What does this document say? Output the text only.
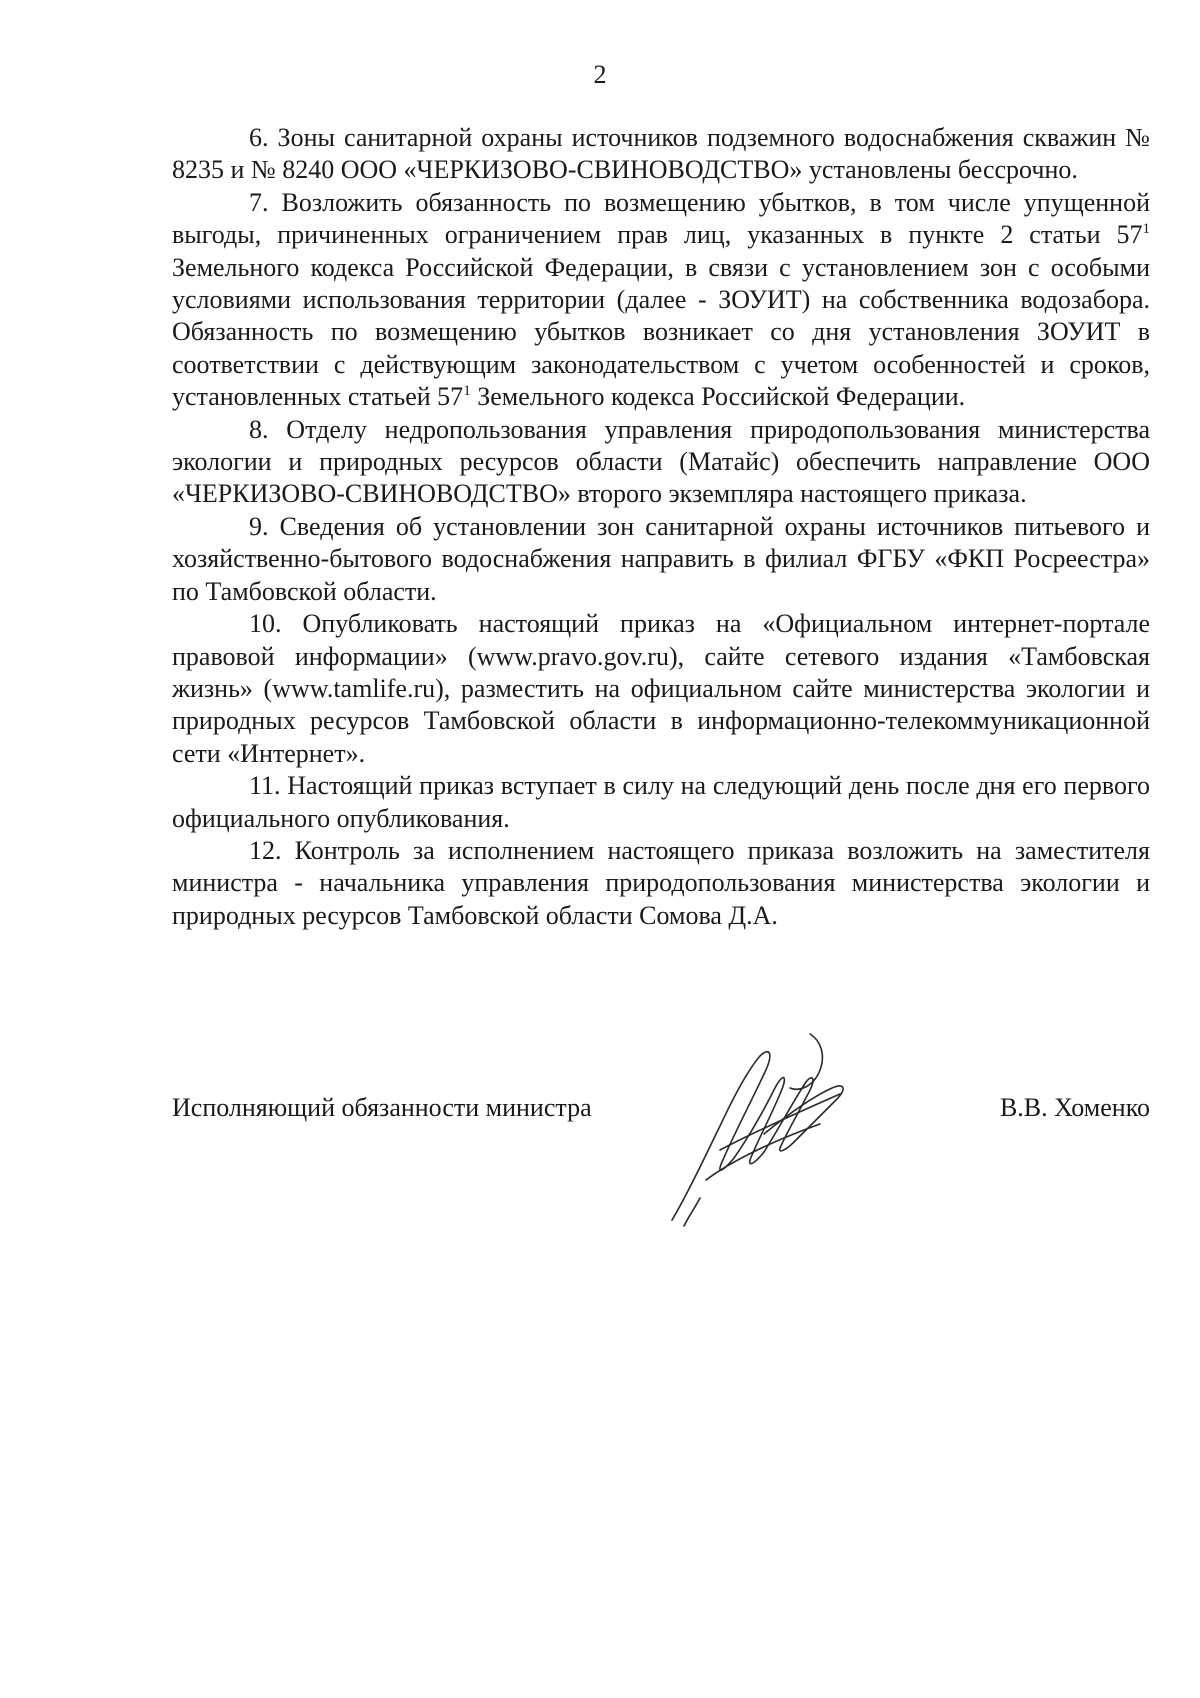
2

6. Зоны санитарной охраны источников подземного водоснабжения скважин № 8235 и № 8240 ООО «ЧЕРКИЗОВО-СВИНОВОДСТВО» установлены бессрочно.

7. Возложить обязанность по возмещению убытков, в том числе упущенной выгоды, причиненных ограничением прав лиц, указанных в пункте 2 статьи $57^1$ Земельного кодекса Российской Федерации, в связи с установлением зон с особыми условиями использования территории (далее - ЗОУИТ) на собственника водозабора. Обязанность по возмещению убытков возникает со дня установления ЗОУИТ в соответствии с действующим законодательством с учетом особенностей и сроков, установленных статьей $57^1$ Земельного кодекса Российской Федерации.

8. Отделу недропользования управления природопользования министерства экологии и природных ресурсов области (Матайс) обеспечить направление ООО «ЧЕРКИЗОВО-СВИНОВОДСТВО» второго экземпляра настоящего приказа.

9. Сведения об установлении зон санитарной охраны источников питьевого и хозяйственно-бытового водоснабжения направить в филиал ФГБУ «ФКП Росреестра» по Тамбовской области.

10. Опубликовать настоящий приказ на «Официальном интернет-портале правовой информации» (www.pravo.gov.ru), сайте сетевого издания «Тамбовская жизнь» (www.tamlife.ru), разместить на официальном сайте министерства экологии и природных ресурсов Тамбовской области в информационно-телекоммуникационной сети «Интернет».

11. Настоящий приказ вступает в силу на следующий день после дня его первого официального опубликования.

12. Контроль за исполнением настоящего приказа возложить на заместителя министра - начальника управления природопользования министерства экологии и природных ресурсов Тамбовской области Сомова Д.А.

Исполняющий обязанности министра	В.В. Хоменко
